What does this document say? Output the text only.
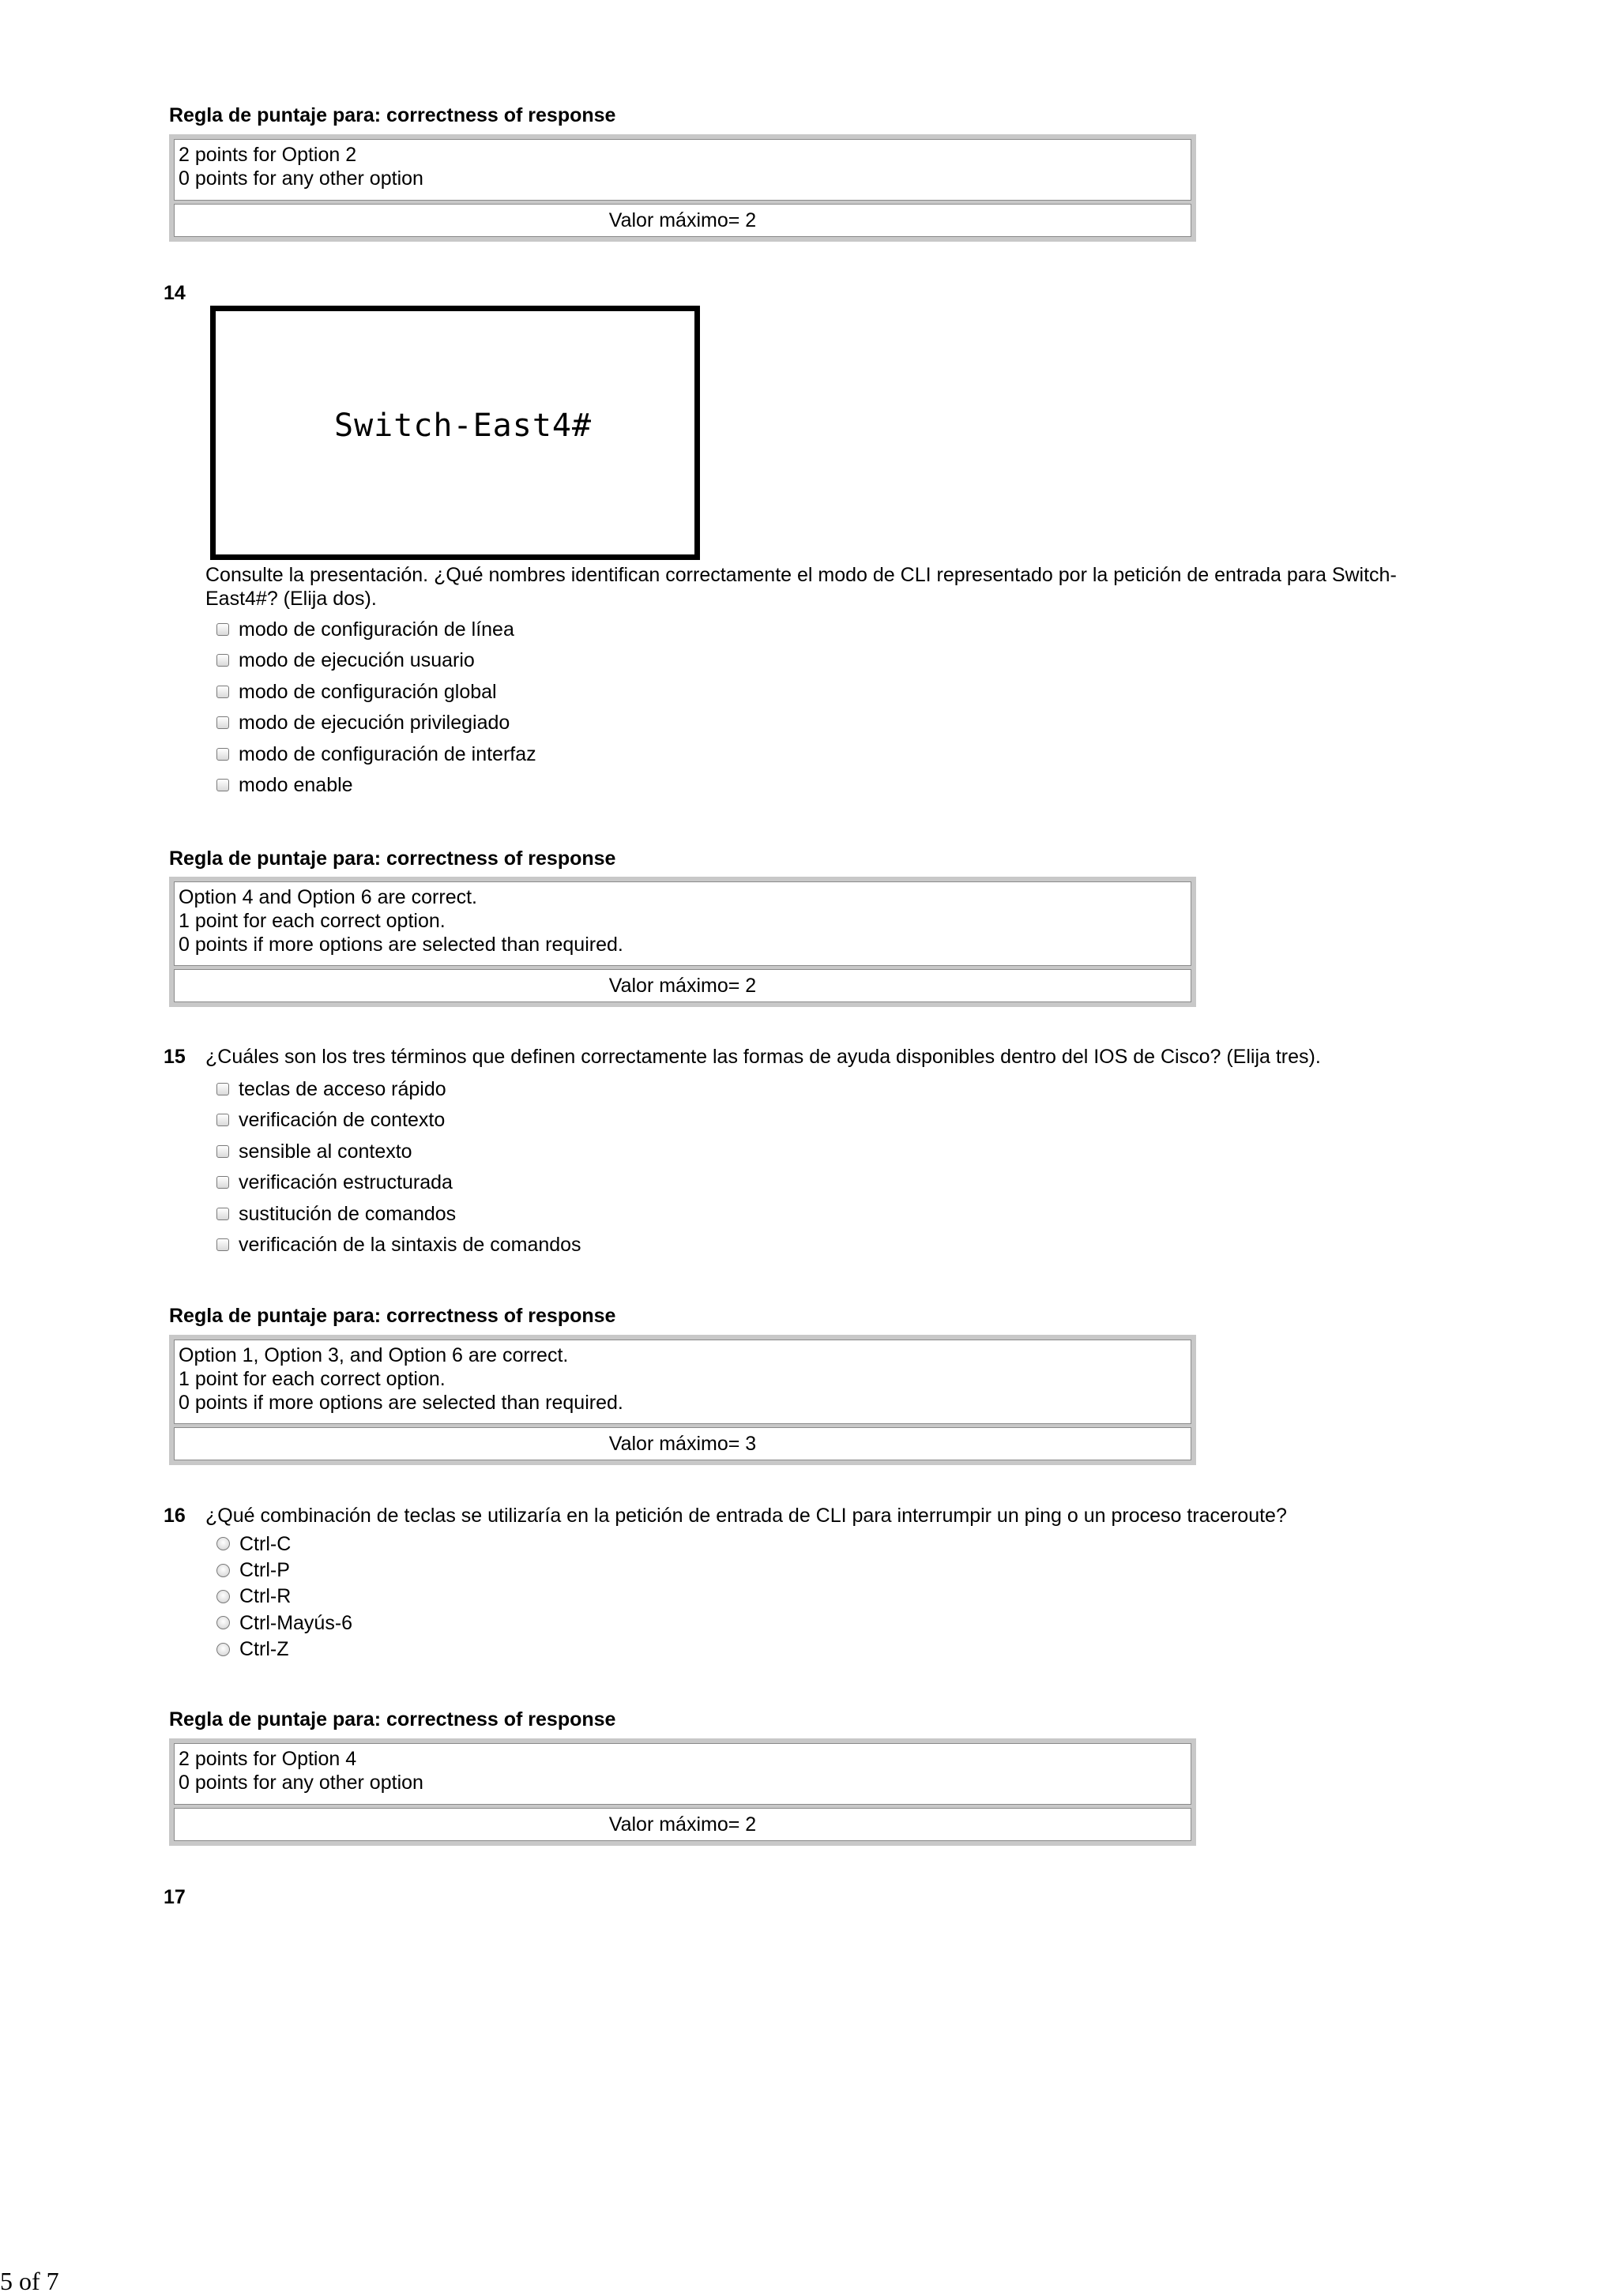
Regla de puntaje para: correctness of response
2 points for Option 2
0 points for any other option
Valor máximo= 2
14
Switch-East4#
Consulte la presentación. ¿Qué nombres identifican correctamente el modo de CLI representado por la petición de entrada para Switch-
East4#? (Elija dos).
modo de configuración de línea
modo de ejecución usuario
modo de configuración global
modo de ejecución privilegiado
modo de configuración de interfaz
modo enable
Regla de puntaje para: correctness of response
Option 4 and Option 6 are correct.
1 point for each correct option.
0 points if more options are selected than required.
Valor máximo= 2
15 ¿Cuáles son los tres términos que definen correctamente las formas de ayuda disponibles dentro del IOS de Cisco? (Elija tres).
teclas de acceso rápido
verificación de contexto
sensible al contexto
verificación estructurada
sustitución de comandos
verificación de la sintaxis de comandos
Regla de puntaje para: correctness of response
Option 1, Option 3, and Option 6 are correct.
1 point for each correct option.
0 points if more options are selected than required.
Valor máximo= 3
16 ¿Qué combinación de teclas se utilizaría en la petición de entrada de CLI para interrumpir un ping o un proceso traceroute?
Ctrl-C
Ctrl-P
Ctrl-R
Ctrl-Mayús-6
Ctrl-Z
Regla de puntaje para: correctness of response
2 points for Option 4
0 points for any other option
Valor máximo= 2
17
5 of 7
